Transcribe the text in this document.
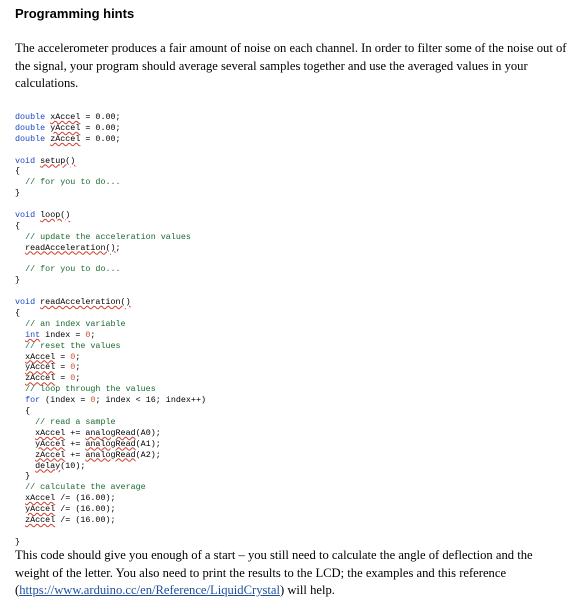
Programming hints
The accelerometer produces a fair amount of noise on each channel. In order to filter some of the noise out of the signal, your program should average several samples together and use the averaged values in your calculations.
double xAccel = 0.00;
double yAccel = 0.00;
double zAccel = 0.00;

void setup()
{
// for you to do...
}

void loop()
{
// update the acceleration values
readAcceleration();

// for you to do...
}

void readAcceleration()
{
// an index variable
int index = 0;
// reset the values
xAccel = 0;
yAccel = 0;
zAccel = 0;
// loop through the values
for (index = 0; index < 16; index++)
{
// read a sample
xAccel += analogRead(A0);
yAccel += analogRead(A1);
zAccel += analogRead(A2);
delay(10);
}
// calculate the average
xAccel /= (16.00);
yAccel /= (16.00);
zAccel /= (16.00);

}
This code should give you enough of a start – you still need to calculate the angle of deflection and the weight of the letter. You also need to print the results to the LCD; the examples and this reference (https://www.arduino.cc/en/Reference/LiquidCrystal) will help.
